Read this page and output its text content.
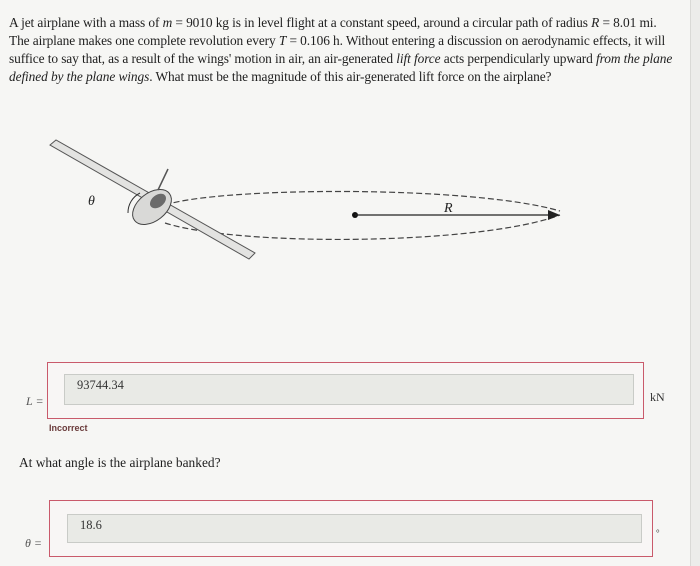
A jet airplane with a mass of m = 9010 kg is in level flight at a constant speed, around a circular path of radius R = 8.01 mi. The airplane makes one complete revolution every T = 0.106 h. Without entering a discussion on aerodynamic effects, it will suffice to say that, as a result of the wings' motion in air, an air-generated lift force acts perpendicularly upward from the plane defined by the plane wings. What must be the magnitude of this air-generated lift force on the airplane?
θ	R
93744.34
L =	kN
Incorrect
At what angle is the airplane banked?
18.6
θ =
°
